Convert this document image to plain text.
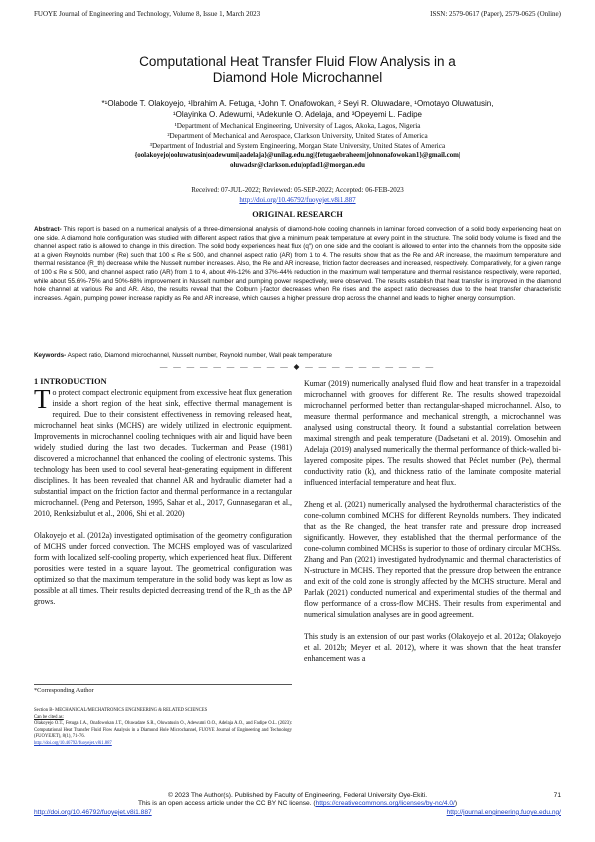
FUOYE Journal of Engineering and Technology, Volume 8, Issue 1, March 2023	ISSN: 2579-0617 (Paper), 2579-0625 (Online)
Computational Heat Transfer Fluid Flow Analysis in a
Diamond Hole Microchannel
*¹Olabode T. Olakoyejo, ¹Ibrahim A. Fetuga, ¹John T. Onafowokan, ² Seyi R. Oluwadare, ¹Omotayo Oluwatusin,
¹Olayinka O. Adewumi, ¹Adekunle O. Adelaja, and ³Opeyemi L. Fadipe
¹Department of Mechanical Engineering, University of Lagos, Akoka, Lagos, Nigeria
²Department of Mechanical and Aerospace, Clarkson University, United States of America
³Department of Industrial and System Engineering, Morgan State University, United States of America
{oolakoyejo|ooluwatusin|oadewumi|aadelaja}@unilag.edu.ng|{fetugaebraheem|johnonafowokan1}@gmail.com|
oluwadsr@clarkson.edu|opfad1@morgan.edu
Received: 07-JUL-2022; Reviewed: 05-SEP-2022; Accepted: 06-FEB-2023
http://doi.org/10.46792/fuoyejet.v8i1.887
ORIGINAL RESEARCH
Abstract- This report is based on a numerical analysis of a three-dimensional analysis of diamond-hole cooling channels in laminar forced convection of a solid body experiencing heat on one side. A diamond hole configuration was studied with different aspect ratios that give a minimum peak temperature at every point in the structure. The solid body volume is fixed and the channel aspect ratio is allowed to change in this direction. The solid body experiences heat flux (q″) on one side and the coolant is allowed to enter into the channels from the opposite side at a given Reynolds number (Re) such that 100 ≤ Re ≤ 500, and channel aspect ratio (AR) from 1 to 4. The results show that as the Re and AR increase, the maximum temperature and thermal resistance (R_th) decrease while the Nusselt number increases. Also, the Re and AR increase, friction factor decreases and increased, respectively. Comparatively, for a given range of 100 ≤ Re ≤ 500, and channel aspect ratio (AR) from 1 to 4, about 4%-12% and 37%-44% reduction in the maximum wall temperature and thermal resistance respectively, were reported, while about 55.6%-75% and 50%-68% improvement in Nusselt number and pumping power respectively, were observed. The results establish that heat transfer is improved in the diamond hole channel at various Re and AR. Also, the results reveal that the Colburn j-factor decreases when Re rises and the aspect ratio decreases due to the heat transfer characteristic increases. Again, pumping power increase rapidly as Re and AR increase, which causes a higher pressure drop across the channel and leads to higher energy consumption.
Keywords- Aspect ratio, Diamond microchannel, Nusselt number, Reynold number, Wall peak temperature
— — — — — — — — — — ◆ — — — — — — — — — —
1 INTRODUCTION

To protect compact electronic equipment from excessive heat flux generation inside a short region of the heat sink, effective thermal management is required. Due to their consistent effectiveness in removing released heat, microchannel heat sinks (MCHS) are widely utilized in electronic equipment. Improvements in microchannel cooling techniques with air and liquid have been widely studied during the last two decades. Tuckerman and Pease (1981) discovered a microchannel that enhanced the cooling of electronic systems. This technology has been used to cool several heat-generating equipment in different disciplines. It has been revealed that channel AR and hydraulic diameter had a substantial impact on the friction factor and thermal performance in a rectangular microchannel. (Peng and Peterson, 1995, Sahar et al., 2017, Gunnasegaran et al., 2010, Renksizbulut et al., 2006, Shi et al. 2020)

Olakoyejo et al. (2012a) investigated optimisation of the geometry configuration of MCHS under forced convection. The MCHS employed was of vascularized form with localized self-cooling property, which experienced heat flux. Different porosities were tested in a square layout. The geometrical configuration was optimized so that the maximum temperature in the solid body was kept as low as possible at all times. Their results depicted decreasing trend of the R_th as the ΔP grows.

*Corresponding Author
Section B- MECHANICAL/MECHATRONICS ENGINEERING & RELATED SCIENCES
Can be cited as:
Olakoyejo O.T., Fetuga I.A., Onafowokan J.T., Oluwadare S.R., Oluwatusin O., Adewumi O.O., Adelaja A.O., and Fadipe O.L. (2023): Computational Heat Transfer Fluid Flow Analysis in a Diamond Hole Microchannel, FUOYE Journal of Engineering and Technology (FUOYEJET), 8(1), 71-76.
http://doi.org/10.46792/fuoyejet.v8i1.887

Kumar (2019) numerically analysed fluid flow and heat transfer in a trapezoidal microchannel with grooves for different Re. The results showed trapezoidal microchannel performed better than rectangular-shaped microchannel. Also, to measure thermal performance and mechanical strength, a microchannel was analysed using constructal theory. It found a substantial correlation between maximal strength and peak temperature (Dadsetani et al. 2019). Omosehin and Adelaja (2019) analysed numerically the thermal performance of thick-walled bi-layered composite pipes. The results showed that Péclet number (Pe), thermal conductivity ratio (k), and thickness ratio of the laminate composite material influenced interfacial temperature and heat flux.

Zheng et al. (2021) numerically analysed the hydrothermal characteristics of the cone-column combined MCHS for different Reynolds numbers. They indicated that as the Re changed, the heat transfer rate and pressure drop increased significantly. However, they established that the thermal performance of the cone-column combined MCHSs is superior to those of ordinary circular MCHSs. Zhang and Pan (2021) investigated hydrodynamic and thermal characteristics of N-structure in MCHS. They reported that the pressure drop between the entrance and exit of the cold zone is strongly affected by the MCHS structure. Meral and Parlak (2021) conducted numerical and experimental studies of the thermal and flow performance of a cross-flow MCHS. Their results from experimental and numerical simulation analyses are in good agreement.

This study is an extension of our past works (Olakoyejo et al. 2012a; Olakoyejo et al. 2012b; Meyer et al. 2012), where it was shown that the heat transfer enhancement was a

© 2023 The Author(s). Published by Faculty of Engineering, Federal University Oye-Ekiti.	71
This is an open access article under the CC BY NC license. (https://creativecommons.org/licenses/by-nc/4.0/)
http://doi.org/10.46792/fuoyejet.v8i1.887	http://journal.engineering.fuoye.edu.ng/
